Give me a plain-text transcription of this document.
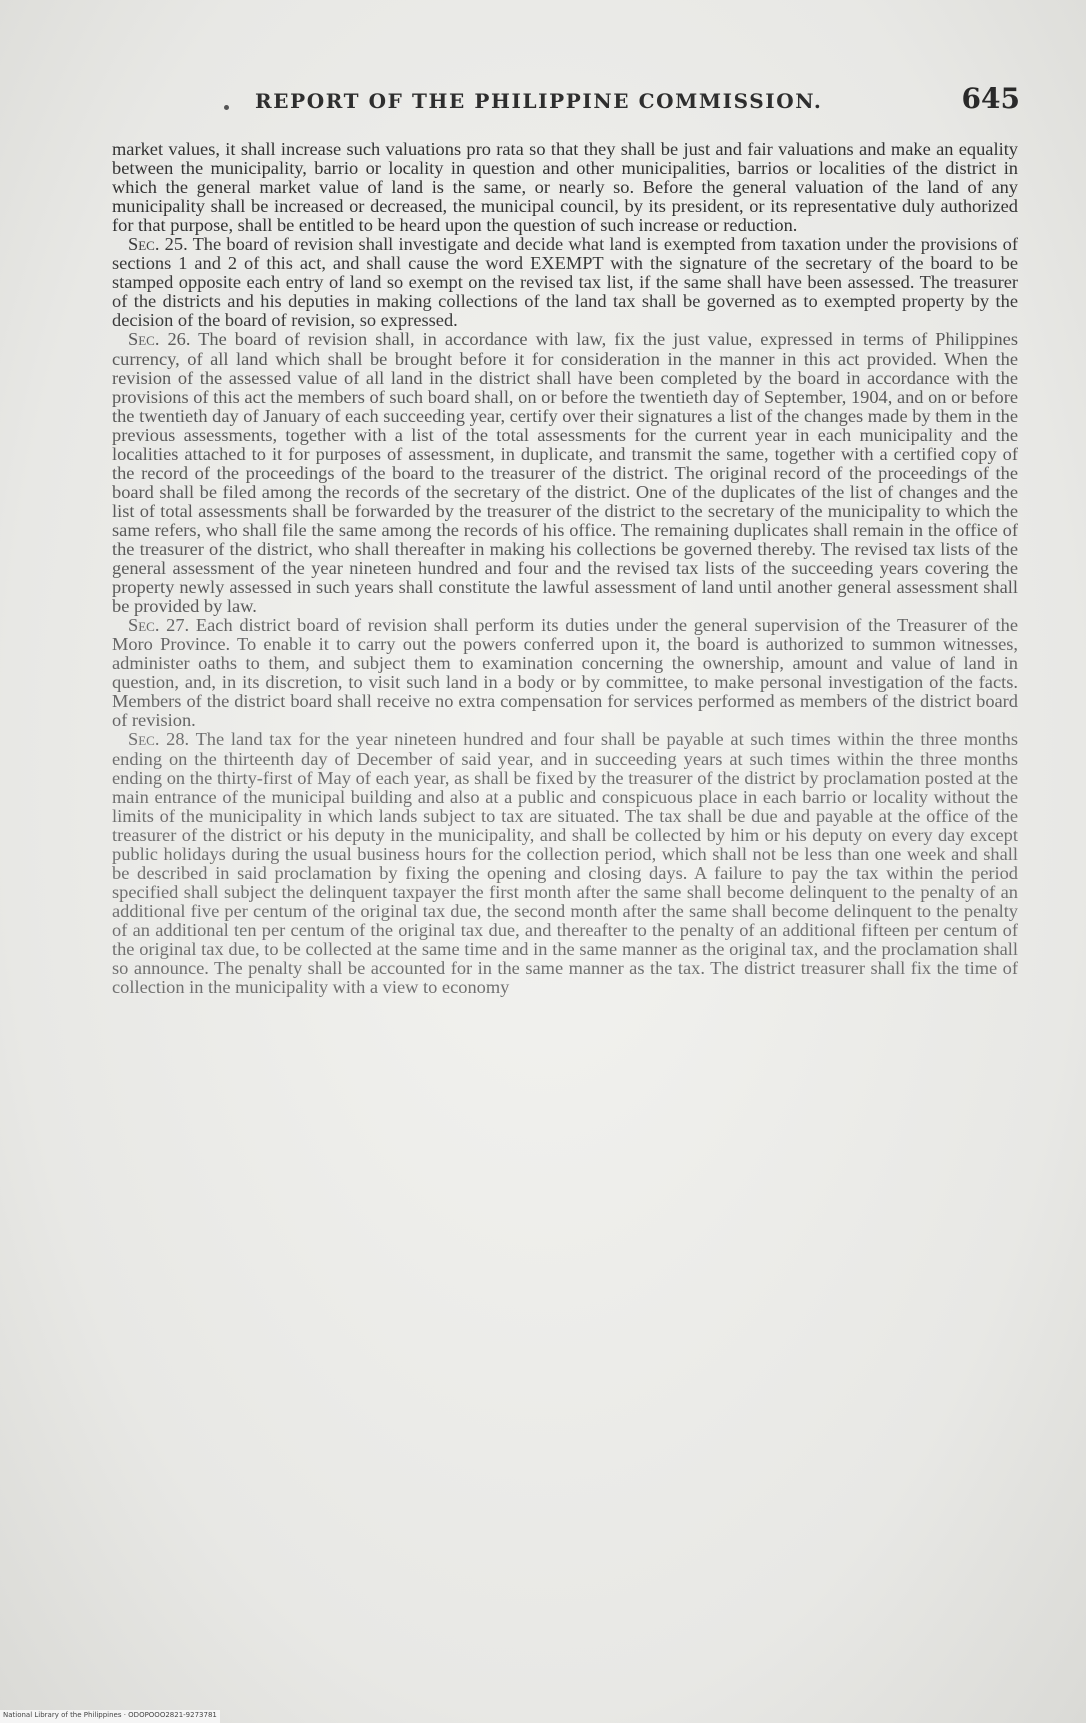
REPORT OF THE PHILIPPINE COMMISSION.	645

market values, it shall increase such valuations pro rata so that they shall be just and fair valuations and make an equality between the municipality, barrio or locality in question and other municipalities, barrios or localities of the district in which the general market value of land is the same, or nearly so. Before the general valuation of the land of any municipality shall be increased or decreased, the municipal council, by its president, or its representative duly authorized for that purpose, shall be entitled to be heard upon the question of such increase or reduction.

Sec. 25. The board of revision shall investigate and decide what land is exempted from taxation under the provisions of sections 1 and 2 of this act, and shall cause the word EXEMPT with the signature of the secretary of the board to be stamped opposite each entry of land so exempt on the revised tax list, if the same shall have been assessed. The treasurer of the districts and his deputies in making collections of the land tax shall be governed as to exempted property by the decision of the board of revision, so expressed.

Sec. 26. The board of revision shall, in accordance with law, fix the just value, expressed in terms of Philippines currency, of all land which shall be brought before it for consideration in the manner in this act provided. When the revision of the assessed value of all land in the district shall have been completed by the board in accordance with the provisions of this act the members of such board shall, on or before the twentieth day of September, 1904, and on or before the twentieth day of January of each succeeding year, certify over their signatures a list of the changes made by them in the previous assessments, together with a list of the total assessments for the current year in each municipality and the localities attached to it for purposes of assessment, in duplicate, and transmit the same, together with a certified copy of the record of the proceedings of the board to the treasurer of the district. The original record of the proceedings of the board shall be filed among the records of the secretary of the district. One of the duplicates of the list of changes and the list of total assessments shall be forwarded by the treasurer of the district to the secretary of the municipality to which the same refers, who shall file the same among the records of his office. The remaining duplicates shall remain in the office of the treasurer of the district, who shall thereafter in making his collections be governed thereby. The revised tax lists of the general assessment of the year nineteen hundred and four and the revised tax lists of the succeeding years covering the property newly assessed in such years shall constitute the lawful assessment of land until another general assessment shall be provided by law.

Sec. 27. Each district board of revision shall perform its duties under the general supervision of the Treasurer of the Moro Province. To enable it to carry out the powers conferred upon it, the board is authorized to summon witnesses, administer oaths to them, and subject them to examination concerning the ownership, amount and value of land in question, and, in its discretion, to visit such land in a body or by committee, to make personal investigation of the facts. Members of the district board shall receive no extra compensation for services performed as members of the district board of revision.

Sec. 28. The land tax for the year nineteen hundred and four shall be payable at such times within the three months ending on the thirteenth day of December of said year, and in succeeding years at such times within the three months ending on the thirty-first of May of each year, as shall be fixed by the treasurer of the district by proclamation posted at the main entrance of the municipal building and also at a public and conspicuous place in each barrio or locality without the limits of the municipality in which lands subject to tax are situated. The tax shall be due and payable at the office of the treasurer of the district or his deputy in the municipality, and shall be collected by him or his deputy on every day except public holidays during the usual business hours for the collection period, which shall not be less than one week and shall be described in said proclamation by fixing the opening and closing days. A failure to pay the tax within the period specified shall subject the delinquent taxpayer the first month after the same shall become delinquent to the penalty of an additional five per centum of the original tax due, the second month after the same shall become delinquent to the penalty of an additional ten per centum of the original tax due, and thereafter to the penalty of an additional fifteen per centum of the original tax due, to be collected at the same time and in the same manner as the original tax, and the proclamation shall so announce. The penalty shall be accounted for in the same manner as the tax. The district treasurer shall fix the time of collection in the municipality with a view to economy

National Library of the Philippines · ODOPOOO2821-9273781
